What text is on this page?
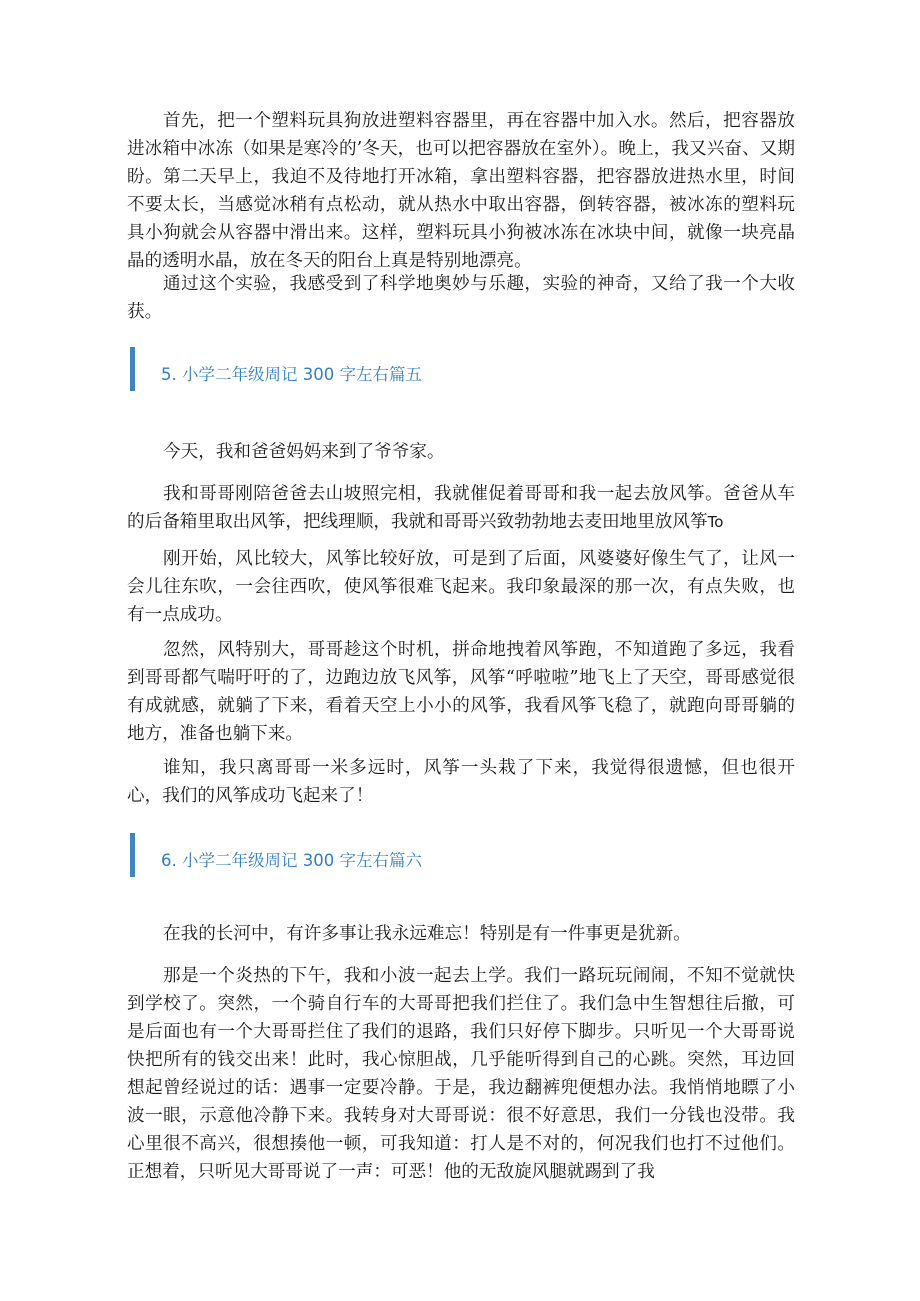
首先，把一个塑料玩具狗放进塑料容器里，再在容器中加入水。然后，把容器放进冰箱中冰冻（如果是寒冷的’冬天，也可以把容器放在室外）。晚上，我又兴奋、又期盼。第二天早上，我迫不及待地打开冰箱，拿出塑料容器，把容器放进热水里，时间不要太长，当感觉冰稍有点松动，就从热水中取出容器，倒转容器，被冰冻的塑料玩具小狗就会从容器中滑出来。这样，塑料玩具小狗被冰冻在冰块中间，就像一块亮晶晶的透明水晶，放在冬天的阳台上真是特别地漂亮。

通过这个实验，我感受到了科学地奥妙与乐趣，实验的神奇，又给了我一个大收获。

5. 小学二年级周记 300 字左右篇五

今天，我和爸爸妈妈来到了爷爷家。

我和哥哥刚陪爸爸去山坡照完相，我就催促着哥哥和我一起去放风筝。爸爸从车的后备箱里取出风筝，把线理顺，我就和哥哥兴致勃勃地去麦田地里放风筝To

刚开始，风比较大，风筝比较好放，可是到了后面，风婆婆好像生气了，让风一会儿往东吹，一会往西吹，使风筝很难飞起来。我印象最深的那一次，有点失败，也有一点成功。

忽然，风特别大，哥哥趁这个时机，拼命地拽着风筝跑，不知道跑了多远，我看到哥哥都气喘吁吁的了，边跑边放飞风筝，风筝“呼啦啦”地飞上了天空，哥哥感觉很有成就感，就躺了下来，看着天空上小小的风筝，我看风筝飞稳了，就跑向哥哥躺的地方，准备也躺下来。

谁知，我只离哥哥一米多远时，风筝一头栽了下来，我觉得很遗憾，但也很开心，我们的风筝成功飞起来了！

6. 小学二年级周记 300 字左右篇六

在我的长河中，有许多事让我永远难忘！特别是有一件事更是犹新。

那是一个炎热的下午，我和小波一起去上学。我们一路玩玩闹闹，不知不觉就快到学校了。突然，一个骑自行车的大哥哥把我们拦住了。我们急中生智想往后撤，可是后面也有一个大哥哥拦住了我们的退路，我们只好停下脚步。只听见一个大哥哥说快把所有的钱交出来！此时，我心惊胆战，几乎能听得到自己的心跳。突然，耳边回想起曾经说过的话：遇事一定要冷静。于是，我边翻裤兜便想办法。我悄悄地瞟了小波一眼，示意他冷静下来。我转身对大哥哥说：很不好意思，我们一分钱也没带。我心里很不高兴，很想揍他一顿，可我知道：打人是不对的，何况我们也打不过他们。正想着，只听见大哥哥说了一声：可恶！他的无敌旋风腿就踢到了我
